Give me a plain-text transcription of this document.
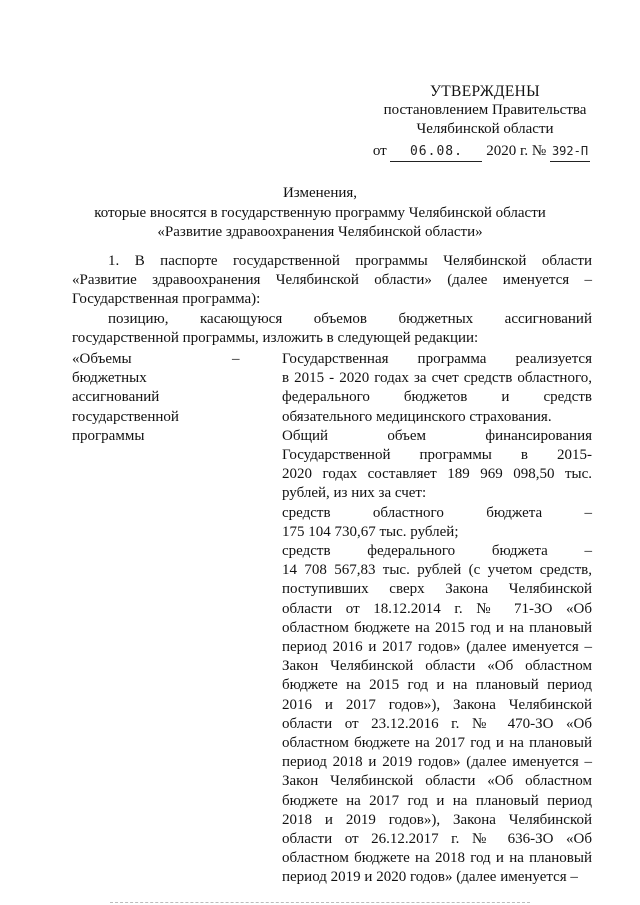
УТВЕРЖДЕНЫ
постановлением Правительства
Челябинской области
от 06.08. 2020 г. № 392-П
Изменения,
которые вносятся в государственную программу Челябинской области
«Развитие здравоохранения Челябинской области»
1. В паспорте государственной программы Челябинской области
«Развитие здравоохранения Челябинской области» (далее именуется –
Государственная программа):
позицию, касающуюся объемов бюджетных ассигнований
государственной программы, изложить в следующей редакции:
–
«Объемы
бюджетных
ассигнований
государственной
программы
Государственная программа реализуется
в 2015 - 2020 годах за счет средств областного,
федерального бюджетов и средств
обязательного медицинского страхования.
Общий объем финансирования
Государственной программы в 2015-
2020 годах составляет 189 969 098,50 тыс.
рублей, из них за счет:
средств областного бюджета –
175 104 730,67 тыс. рублей;
средств федерального бюджета –
14 708 567,83 тыс. рублей (с учетом средств,
поступивших сверх Закона Челябинской
области от 18.12.2014 г. № 71-ЗО «Об
областном бюджете на 2015 год и на плановый
период 2016 и 2017 годов» (далее именуется –
Закон Челябинской области «Об областном
бюджете на 2015 год и на плановый период
2016 и 2017 годов»), Закона Челябинской
области от 23.12.2016 г. № 470-ЗО «Об
областном бюджете на 2017 год и на плановый
период 2018 и 2019 годов» (далее именуется –
Закон Челябинской области «Об областном
бюджете на 2017 год и на плановый период
2018 и 2019 годов»), Закона Челябинской
области от 26.12.2017 г. № 636-ЗО «Об
областном бюджете на 2018 год и на плановый
период 2019 и 2020 годов» (далее именуется –
